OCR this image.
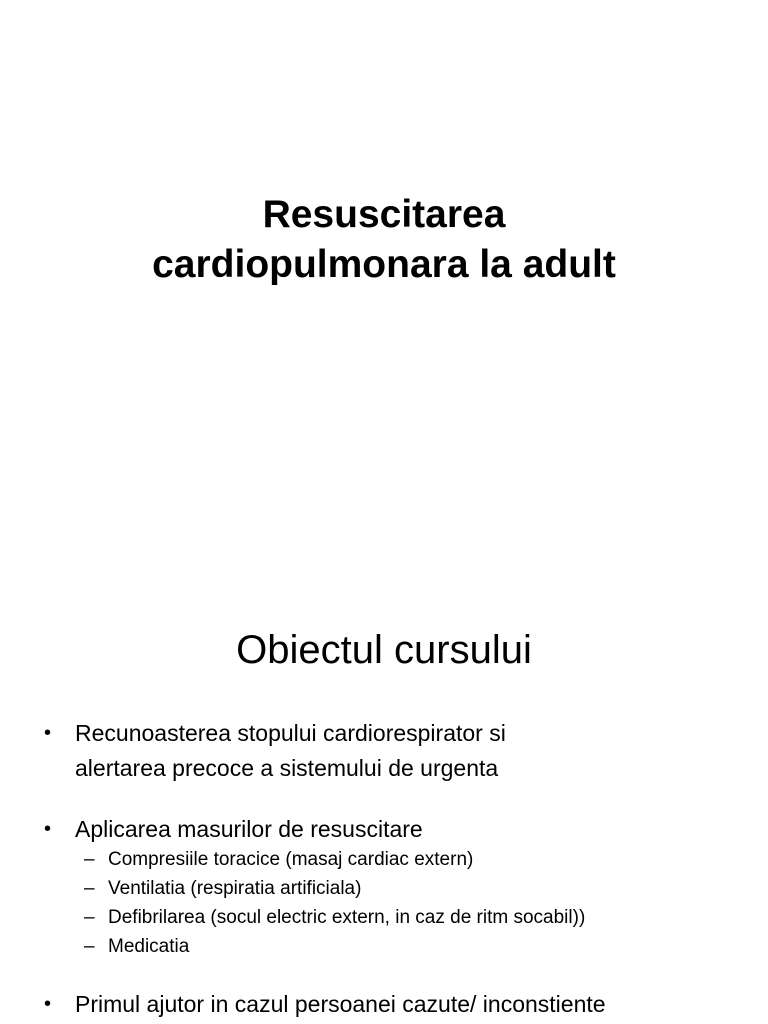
Resuscitarea
cardiopulmonara la adult
Obiectul cursului
• Recunoasterea stopului cardiorespirator si
alertarea precoce a sistemului de urgenta
• Aplicarea masurilor de resuscitare
– Compresiile toracice (masaj cardiac extern)
– Ventilatia (respiratia artificiala)
– Defibrilarea (socul electric extern, in caz de ritm socabil))
– Medicatia
• Primul ajutor in cazul persoanei cazute/ inconstiente
